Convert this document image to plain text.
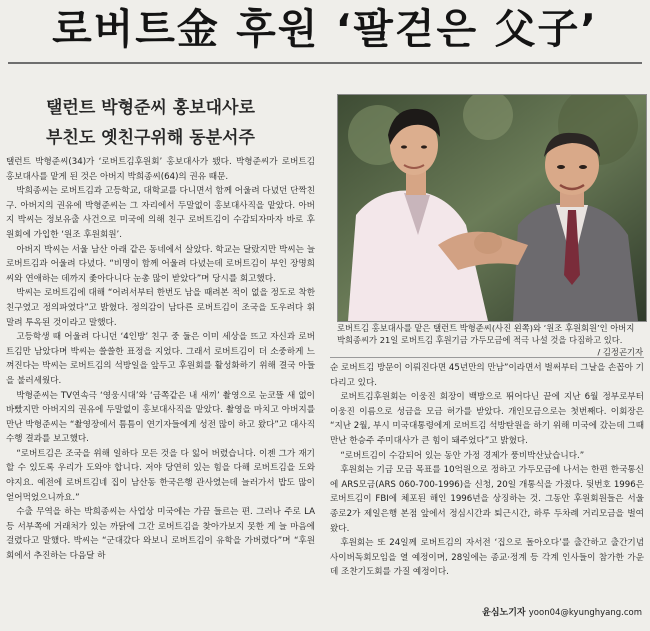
로버트金 후원 ‘팔걷은 父子’
탤런트 박형준씨 홍보대사로
부친도 옛친구위해 동분서주

탤런트 박형준씨(34)가 ‘로버트김후원회’ 홍보대사가 됐다. 박형준씨가 로버트김 홍보대사를 맡게 된 것은 아버지 박희종씨(64)의 권유 때문.

박희종씨는 로버트김과 고등학교, 대학교를 다니면서 함께 어울려 다녔던 단짝친구. 아버지의 권유에 박형준씨는 그 자리에서 두말없이 홍보대사직을 맡았다. 아버지 박씨는 정보유출 사건으로 미국에 의해 친구 로버트김이 수감되자마자 바로 후원회에 가입한 ‘원조 후원회원’.

아버지 박씨는 서울 남산 아래 같은 동네에서 살았다. 학교는 달랐지만 박씨는 늘 로버트김과 어울려 다녔다. “비명이 함께 어울려 다녔는데 로버트김이 부인 장명희씨와 연애하는 데까지 좇아다니다 눈총 많이 받았다”며 당시를 회고했다.

박씨는 로버트김에 대해 “어려서부터 한번도 남을 때려본 적이 없을 정도로 착한 친구였고 정의파였다”고 밝혔다. 정의감이 남다른 로버트김이 조국을 도우려다 휘말려 투옥된 것이라고 말했다.

고등학생 때 어울려 다니던 ‘4인방’ 친구 중 둘은 이미 세상을 뜨고 자신과 로버트김만 남았다며 박씨는 쓸쓸한 표정을 지었다. 그래서 로버트김이 더 소중하게 느껴진다는 박씨는 로버트김의 석방일을 앞두고 후원회를 활성화하기 위해 결국 아들을 불러세웠다.

박형준씨는 TV연속극 ‘영웅시대’와 ‘금쪽같은 내 새끼’ 촬영으로 눈코뜰 새 없이 바빴지만 아버지의 권유에 두말없이 홍보대사직을 맡았다. 촬영을 마치고 아버지를 만난 박형준씨는 “촬영장에서 틈틈이 연기자들에게 성전 많이 하고 왔다”고 대사직 수행 결과를 보고했다.

“로버트김은 조국을 위해 일하다 모든 것을 다 잃어 버렸습니다. 이젠 그가 재기할 수 있도록 우리가 도와야 합니다. 저야 당연히 있는 힘을 다해 로버트김을 도와야지요. 예전에 로버트김네 집이 남산동 한국은행 관사였는데 늘러가서 밥도 많이 얻어먹었으니까요.”

수출 무역을 하는 박희종씨는 사업상 미국에는 가끔 들르는 편. 그러나 주로 LA 등 서부쪽에 거래처가 있는 까닭에 그간 로버트김을 찾아가보지 못한 게 늘 마음에 걸렸다고 말했다. 박씨는 “군대갔다 와보니 로버트김이 유학을 가버렸다”며 “후원회에서 추진하는 다음달 하

로버트김 홍보대사를 맡은 탤런트 박형준씨(사진 왼쪽)와 ‘원조 후원회원’인 아버지 박희종씨가 21일 로버트김 후원기금 가두모금에 적극 나설 것을 다짐하고 있다.
/ 김정곤기자

순 로버트김 방문이 이뤄진다면 45년만의 만남”이라면서 벌써부터 그날을 손꼽아 기다리고 있다.

로버트김후원회는 이웅진 회장이 백방으로 뛰어다닌 끝에 지난 6월 정부로부터 이웅진 이름으로 성금을 모금 허가를 받았다. 개인모금으로는 첫번째다. 이회장은 “지난 2월, 부시 미국대통령에게 로버트김 석방탄원을 하기 위해 미국에 갔는데 그때 만난 한승주 주미대사가 큰 힘이 돼주었다”고 밝혔다.

“로버트김이 수감되어 있는 동안 가정 경제가 풍비박산났습니다.”

후원회는 기금 모금 목표를 10억원으로 정하고 가두모금에 나서는 한편 한국통신에 ARS모금(ARS 060-700-1996)을 신청, 20일 개통식을 가졌다. 뒷번호 1996은 로버트김이 FBI에 체포된 해인 1996년을 상징하는 것. 그동안 후원회원들은 서울 종로2가 제일은행 본점 앞에서 정심시간과 퇴근시간, 하루 두차례 거리모금을 벌여왔다.

후원회는 또 24일께 로버트김의 자서전 ‘집으로 돌아오다’를 출간하고 출간기념 사이버독회모임을 열 예정이며, 28일에는 종교·정계 등 각계 인사들이 참가한 가운데 조찬기도회를 가질 예정이다.

윤심노기자 yoon04@kyunghyang.com
